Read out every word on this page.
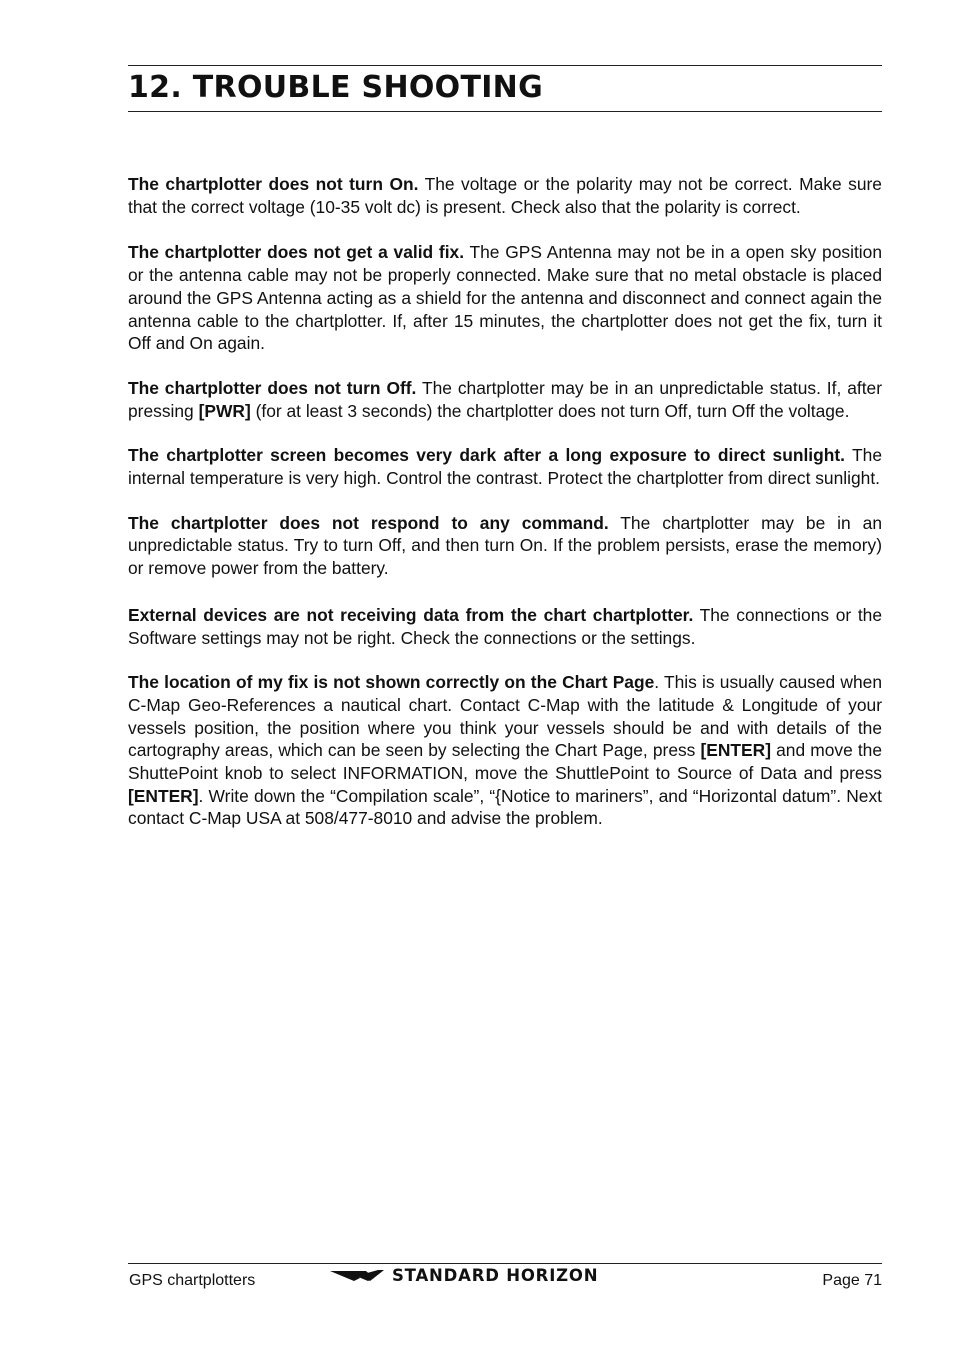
12. TROUBLE SHOOTING

The chartplotter does not turn On. The voltage or the polarity may not be correct. Make sure that the correct voltage (10-35 volt dc) is present. Check also that the polarity is correct.

The chartplotter does not get a valid fix. The GPS Antenna may not be in a open sky position or the antenna cable may not be properly connected. Make sure that no metal obstacle is placed around the GPS Antenna acting as a shield for the antenna and disconnect and connect again the antenna cable to the chartplotter. If, after 15 minutes, the chartplotter does not get the fix, turn it Off and On again.

The chartplotter does not turn Off. The chartplotter may be in an unpredictable status. If, after pressing [PWR] (for at least 3 seconds) the chartplotter does not turn Off, turn Off the voltage.

The chartplotter screen becomes very dark after a long exposure to direct sunlight. The internal temperature is very high. Control the contrast. Protect the chartplotter from direct sunlight.

The chartplotter does not respond to any command. The chartplotter may be in an unpredictable status. Try to turn Off, and then turn On. If the problem persists, erase the memory) or remove power from the battery.

External devices are not receiving data from the chart chartplotter. The connections or the Software settings may not be right. Check the connections or the settings.

The location of my fix is not shown correctly on the Chart Page. This is usually caused when C-Map Geo-References a nautical chart. Contact C-Map with the latitude & Longitude of your vessels position, the position where you think your vessels should be and with details of the cartography areas, which can be seen by selecting the Chart Page, press [ENTER] and move the ShuttePoint knob to select INFORMATION, move the ShuttlePoint to Source of Data and press [ENTER]. Write down the “Compilation scale”, “{Notice to mariners”, and “Horizontal datum”. Next contact C-Map USA at 508/477-8010 and advise the problem.

GPS chartplotters	STANDARD HORIZON	Page 71
